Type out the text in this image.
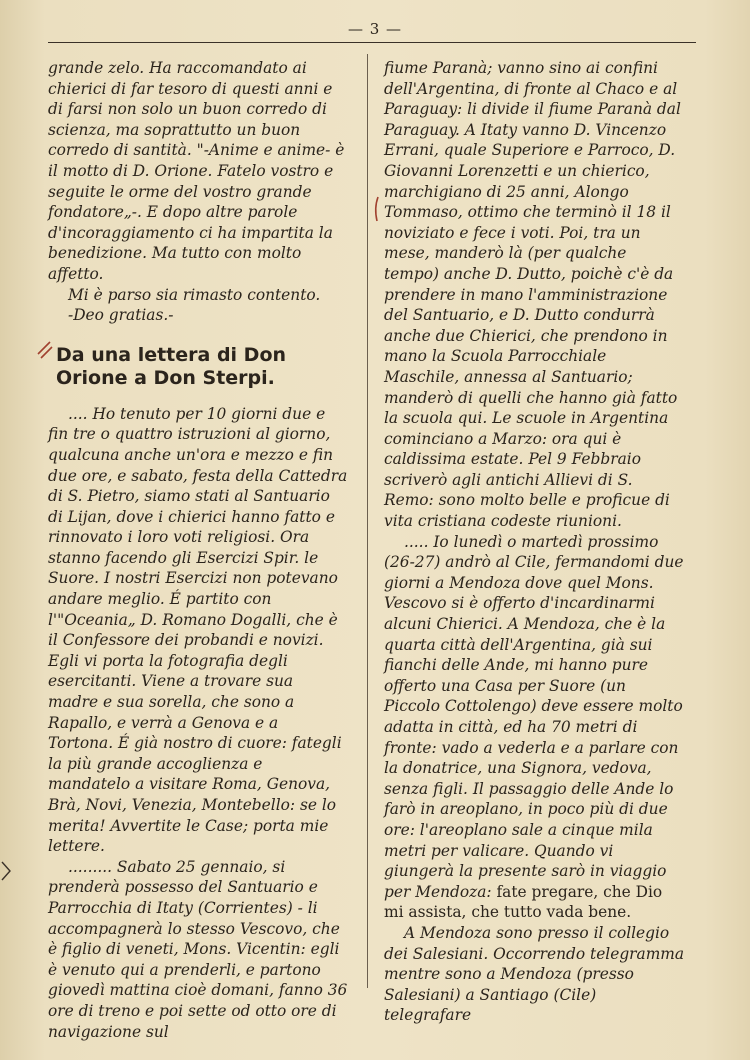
— 3 —

grande zelo. Ha raccomandato ai chierici di far tesoro di questi anni e di farsi non solo un buon corredo di scienza, ma soprattutto un buon corredo di santità. "-Anime e anime- è il motto di D. Orione. Fatelo vostro e seguite le orme del vostro grande fondatore„-. E dopo altre parole d'incoraggiamento ci ha impartita la benedizione. Ma tutto con molto affetto.

Mi è parso sia rimasto contento.

-Deo gratias.-

Da una lettera di Don Orione a Don Sterpi.

.... Ho tenuto per 10 giorni due e fin tre o quattro istruzioni al giorno, qualcuna anche un'ora e mezzo e fin due ore, e sabato, festa della Cattedra di S. Pietro, siamo stati al Santuario di Lijan, dove i chierici hanno fatto e rinnovato i loro voti religiosi. Ora stanno facendo gli Esercizi Spir. le Suore. I nostri Esercizi non potevano andare meglio. É partito con l'"Oceania„ D. Romano Dogalli, che è il Confessore dei probandi e novizi. Egli vi porta la fotografia degli esercitanti. Viene a trovare sua madre e sua sorella, che sono a Rapallo, e verrà a Genova e a Tortona. É già nostro di cuore: fategli la più grande accoglienza e mandatelo a visitare Roma, Genova, Brà, Novi, Venezia, Montebello: se lo merita! Avvertite le Case; porta mie lettere.

......... Sabato 25 gennaio, si prenderà possesso del Santuario e Parrocchia di Itaty (Corrientes) - li accompagnerà lo stesso Vescovo, che è figlio di veneti, Mons. Vicentin: egli è venuto qui a prenderli, e partono giovedì mattina cioè domani, fanno 36 ore di treno e poi sette od otto ore di navigazione sul

fiume Paranà; vanno sino ai confini dell'Argentina, di fronte al Chaco e al Paraguay: li divide il fiume Paranà dal Paraguay. A Itaty vanno D. Vincenzo Errani, quale Superiore e Parroco, D. Giovanni Lorenzetti e un chierico, marchigiano di 25 anni, Alongo Tommaso, ottimo che terminò il 18 il noviziato e fece i voti. Poi, tra un mese, manderò là (per qualche tempo) anche D. Dutto, poichè c'è da prendere in mano l'amministrazione del Santuario, e D. Dutto condurrà anche due Chierici, che prendono in mano la Scuola Parrocchiale Maschile, annessa al Santuario; manderò di quelli che hanno già fatto la scuola qui. Le scuole in Argentina cominciano a Marzo: ora qui è caldissima estate. Pel 9 Febbraio scriverò agli antichi Allievi di S. Remo: sono molto belle e proficue di vita cristiana codeste riunioni.

..... Io lunedì o martedì prossimo (26-27) andrò al Cile, fermandomi due giorni a Mendoza dove quel Mons. Vescovo si è offerto d'incardinarmi alcuni Chierici. A Mendoza, che è la quarta città dell'Argentina, già sui fianchi delle Ande, mi hanno pure offerto una Casa per Suore (un Piccolo Cottolengo) deve essere molto adatta in città, ed ha 70 metri di fronte: vado a vederla e a parlare con la donatrice, una Signora, vedova, senza figli. Il passaggio delle Ande lo farò in areoplano, in poco più di due ore: l'areoplano sale a cinque mila metri per valicare. Quando vi giungerà la presente sarò in viaggio per Mendoza: fate pregare, che Dio mi assista, che tutto vada bene.

A Mendoza sono presso il collegio dei Salesiani. Occorrendo telegramma mentre sono a Mendoza (presso Salesiani) a Santiago (Cile) telegrafare
